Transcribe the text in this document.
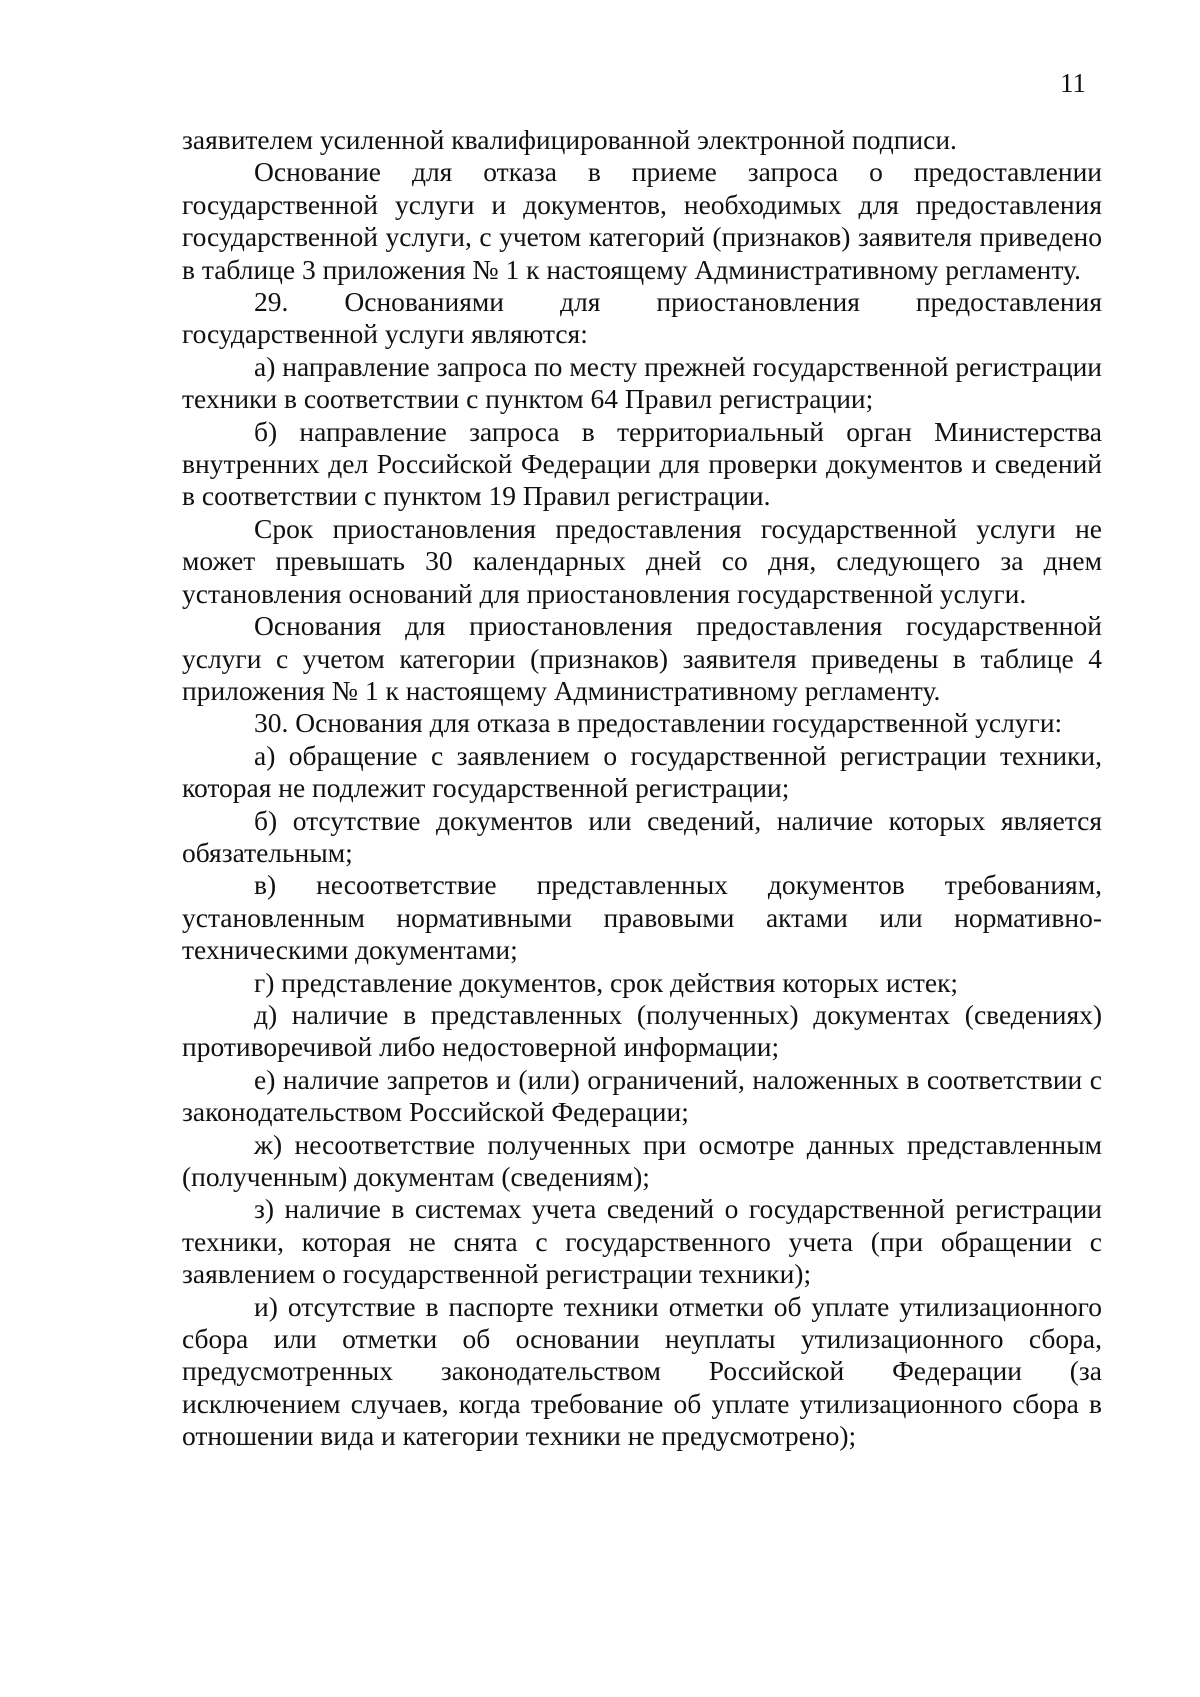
11

заявителем усиленной квалифицированной электронной подписи.

Основание для отказа в приеме запроса о предоставлении государственной услуги и документов, необходимых для предоставления государственной услуги, с учетом категорий (признаков) заявителя приведено в таблице 3 приложения № 1 к настоящему Административному регламенту.

29. Основаниями для приостановления предоставления государственной услуги являются:

а) направление запроса по месту прежней государственной регистрации техники в соответствии с пунктом 64 Правил регистрации;

б) направление запроса в территориальный орган Министерства внутренних дел Российской Федерации для проверки документов и сведений в соответствии с пунктом 19 Правил регистрации.

Срок приостановления предоставления государственной услуги не может превышать 30 календарных дней со дня, следующего за днем установления оснований для приостановления государственной услуги.

Основания для приостановления предоставления государственной услуги с учетом категории (признаков) заявителя приведены в таблице 4 приложения № 1 к настоящему Административному регламенту.

30. Основания для отказа в предоставлении государственной услуги:

а) обращение с заявлением о государственной регистрации техники, которая не подлежит государственной регистрации;

б) отсутствие документов или сведений, наличие которых является обязательным;

в) несоответствие представленных документов требованиям, установленным нормативными правовыми актами или нормативно-техническими документами;

г) представление документов, срок действия которых истек;

д) наличие в представленных (полученных) документах (сведениях) противоречивой либо недостоверной информации;

е) наличие запретов и (или) ограничений, наложенных в соответствии с законодательством Российской Федерации;

ж) несоответствие полученных при осмотре данных представленным (полученным) документам (сведениям);

з) наличие в системах учета сведений о государственной регистрации техники, которая не снята с государственного учета (при обращении с заявлением о государственной регистрации техники);

и) отсутствие в паспорте техники отметки об уплате утилизационного сбора или отметки об основании неуплаты утилизационного сбора, предусмотренных законодательством Российской Федерации (за исключением случаев, когда требование об уплате утилизационного сбора в отношении вида и категории техники не предусмотрено);
